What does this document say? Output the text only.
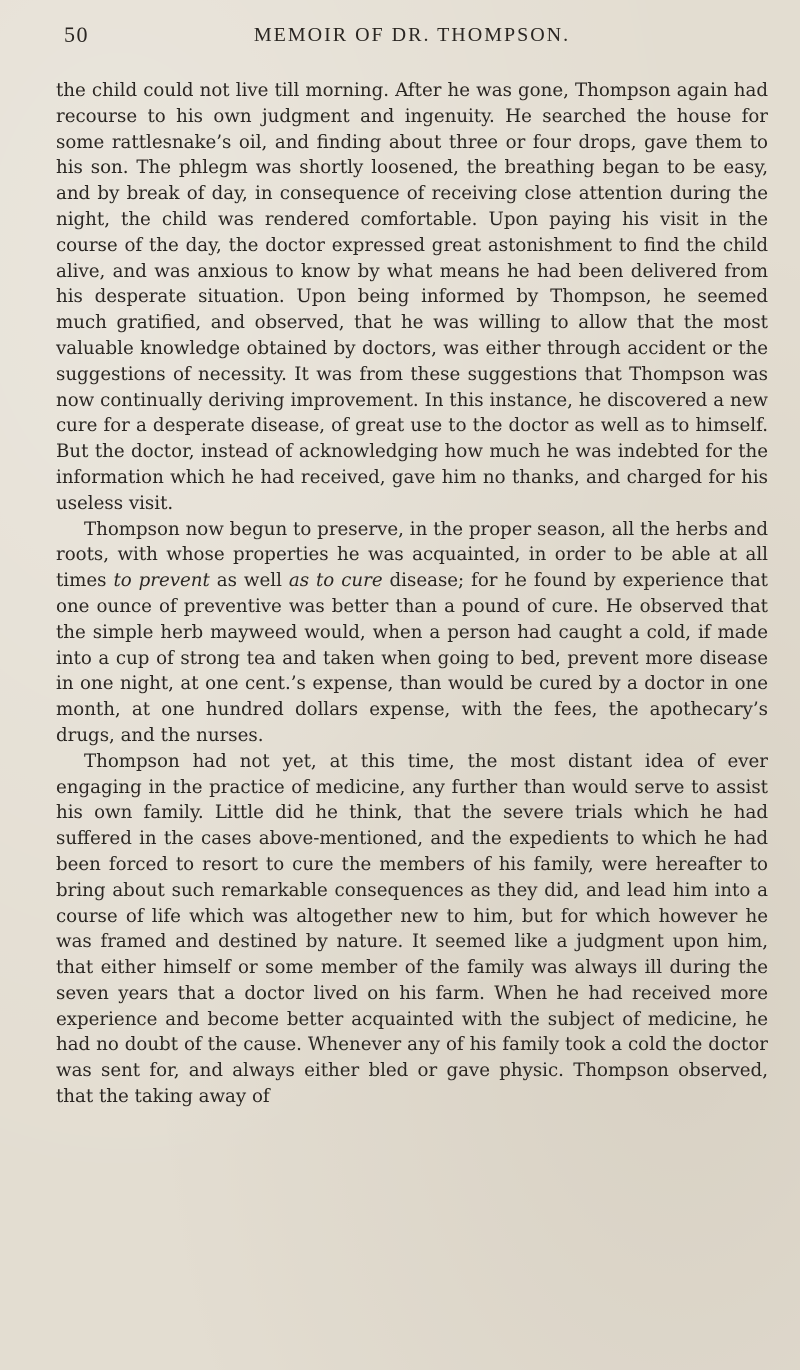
50	MEMOIR OF DR. THOMPSON.

the child could not live till morning. After he was gone, Thompson again had recourse to his own judgment and ingenuity. He searched the house for some rattlesnake’s oil, and finding about three or four drops, gave them to his son. The phlegm was shortly loosened, the breathing began to be easy, and by break of day, in consequence of receiving close attention during the night, the child was rendered comfortable. Upon paying his visit in the course of the day, the doctor expressed great astonishment to find the child alive, and was anxious to know by what means he had been delivered from his desperate situation. Upon being informed by Thompson, he seemed much gratified, and observed, that he was willing to allow that the most valuable knowledge obtained by doctors, was either through accident or the suggestions of necessity. It was from these suggestions that Thompson was now continually deriving improvement. In this instance, he discovered a new cure for a desperate disease, of great use to the doctor as well as to himself. But the doctor, instead of acknowledging how much he was indebted for the information which he had received, gave him no thanks, and charged for his useless visit.

Thompson now begun to preserve, in the proper season, all the herbs and roots, with whose properties he was acquainted, in order to be able at all times to prevent as well as to cure disease; for he found by experience that one ounce of preventive was better than a pound of cure. He observed that the simple herb mayweed would, when a person had caught a cold, if made into a cup of strong tea and taken when going to bed, prevent more disease in one night, at one cent.’s expense, than would be cured by a doctor in one month, at one hundred dollars expense, with the fees, the apothecary’s drugs, and the nurses.

Thompson had not yet, at this time, the most distant idea of ever engaging in the practice of medicine, any further than would serve to assist his own family. Little did he think, that the severe trials which he had suffered in the cases above-mentioned, and the expedients to which he had been forced to resort to cure the members of his family, were hereafter to bring about such remarkable consequences as they did, and lead him into a course of life which was altogether new to him, but for which however he was framed and destined by nature. It seemed like a judgment upon him, that either himself or some member of the family was always ill during the seven years that a doctor lived on his farm. When he had received more experience and become better acquainted with the subject of medicine, he had no doubt of the cause. Whenever any of his family took a cold the doctor was sent for, and always either bled or gave physic. Thompson observed, that the taking away of
